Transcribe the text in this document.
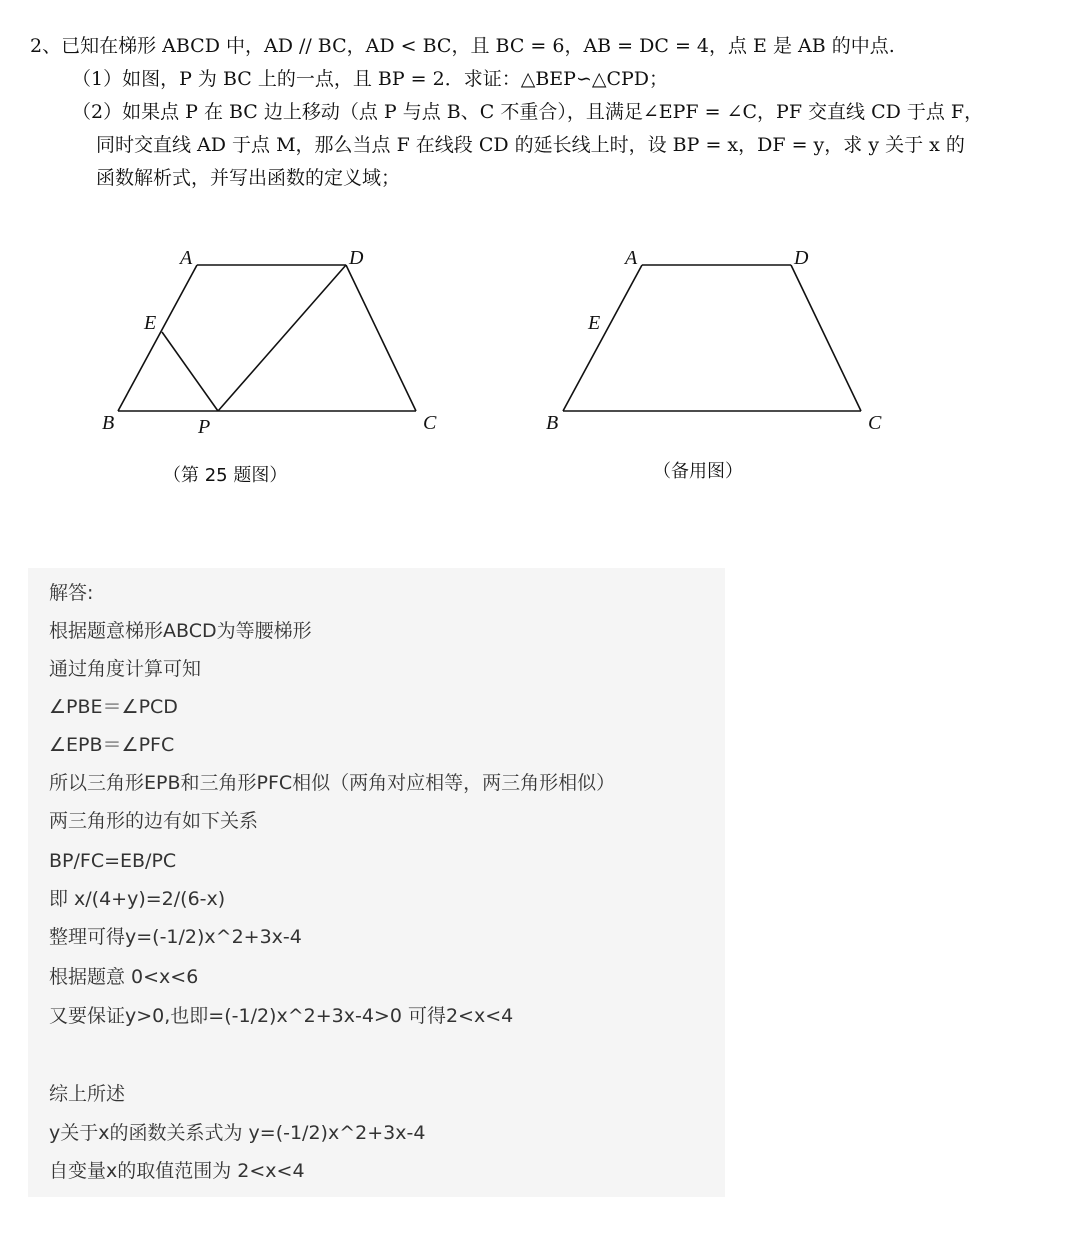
2、已知在梯形 ABCD 中，AD // BC，AD < BC，且 BC = 6，AB = DC = 4，点 E 是 AB 的中点.
（1）如图，P 为 BC 上的一点，且 BP = 2．求证：△BEP∽△CPD；
（2）如果点 P 在 BC 边上移动（点 P 与点 B、C 不重合），且满足∠EPF = ∠C，PF 交直线 CD 于点 F，
同时交直线 AD 于点 M，那么当点 F 在线段 CD 的延长线上时，设 BP = x，DF = y，求 y 关于 x 的
函数解析式，并写出函数的定义域；
A	D
E
B	P	C
（第 25 题图）
A	D
E
B	C
（备用图）
解答:
根据题意梯形ABCD为等腰梯形
通过角度计算可知
∠PBE＝∠PCD
∠EPB＝∠PFC
所以三角形EPB和三角形PFC相似（两角对应相等，两三角形相似）
两三角形的边有如下关系
BP/FC=EB/PC
即 x/(4+y)=2/(6-x)
整理可得y=(-1/2)x^2+3x-4
根据题意 0<x<6
又要保证y>0,也即=(-1/2)x^2+3x-4>0 可得2<x<4
综上所述
y关于x的函数关系式为 y=(-1/2)x^2+3x-4
自变量x的取值范围为 2<x<4
